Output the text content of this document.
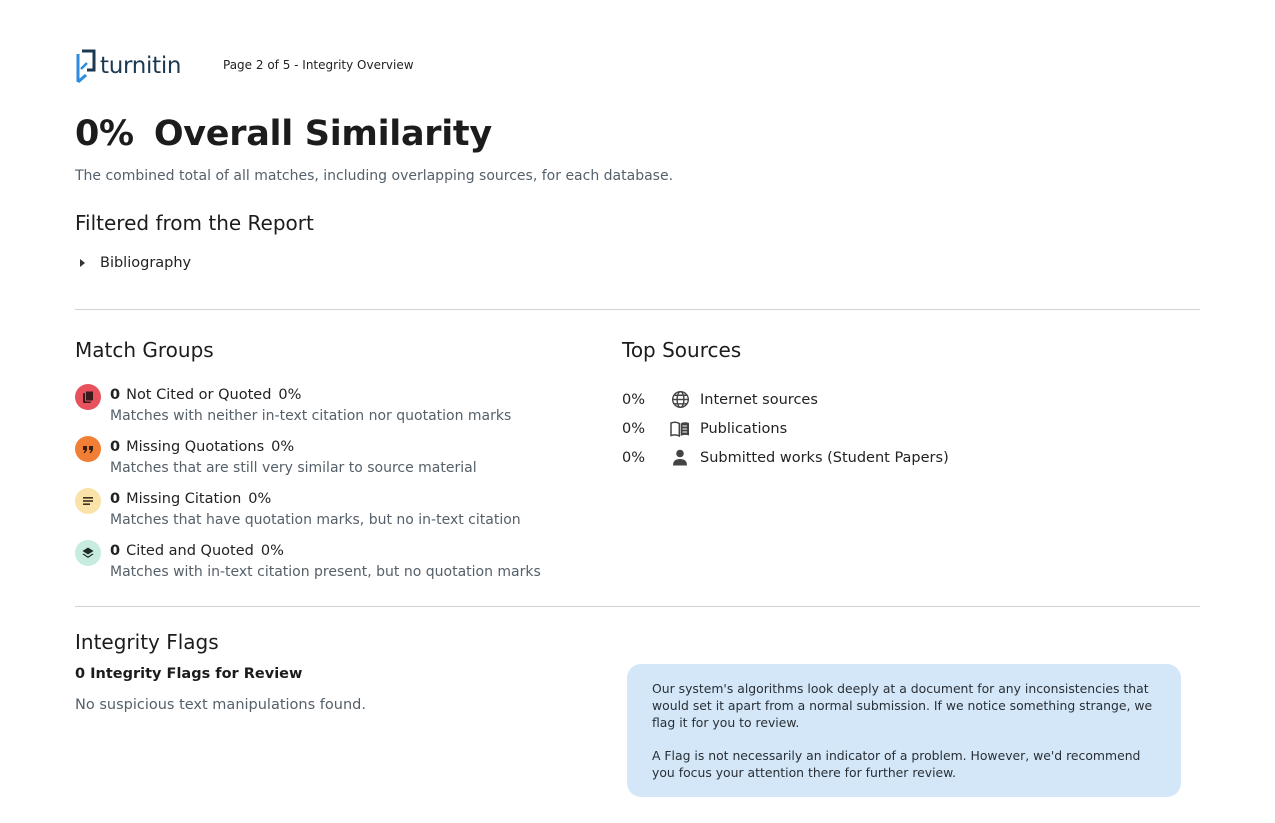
turnitin	Page 2 of 5 - Integrity Overview
0% Overall Similarity
The combined total of all matches, including overlapping sources, for each database.
Filtered from the Report
Bibliography
Match Groups
0 Not Cited or Quoted 0%
Matches with neither in-text citation nor quotation marks
0 Missing Quotations 0%
Matches that are still very similar to source material
0 Missing Citation 0%
Matches that have quotation marks, but no in-text citation
0 Cited and Quoted 0%
Matches with in-text citation present, but no quotation marks
Top Sources
0%	Internet sources
0%	Publications
0%	Submitted works (Student Papers)
Integrity Flags
0 Integrity Flags for Review
No suspicious text manipulations found.

Our system's algorithms look deeply at a document for any inconsistencies that would set it apart from a normal submission. If we notice something strange, we flag it for you to review.

A Flag is not necessarily an indicator of a problem. However, we'd recommend you focus your attention there for further review.
